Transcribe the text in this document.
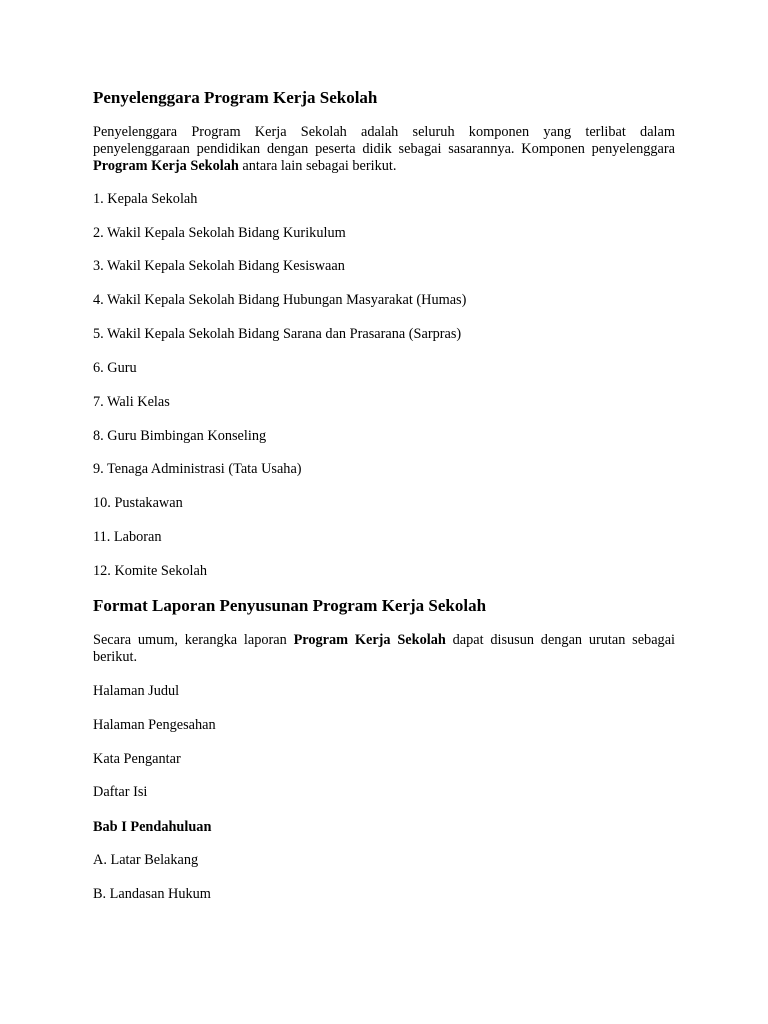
Penyelenggara Program Kerja Sekolah

Penyelenggara Program Kerja Sekolah adalah seluruh komponen yang terlibat dalam penyelenggaraan pendidikan dengan peserta didik sebagai sasarannya. Komponen penyelenggara Program Kerja Sekolah antara lain sebagai berikut.

1. Kepala Sekolah

2. Wakil Kepala Sekolah Bidang Kurikulum

3. Wakil Kepala Sekolah Bidang Kesiswaan

4. Wakil Kepala Sekolah Bidang Hubungan Masyarakat (Humas)

5. Wakil Kepala Sekolah Bidang Sarana dan Prasarana (Sarpras)

6. Guru

7. Wali Kelas

8. Guru Bimbingan Konseling

9. Tenaga Administrasi (Tata Usaha)

10. Pustakawan

11. Laboran

12. Komite Sekolah

Format Laporan Penyusunan Program Kerja Sekolah

Secara umum, kerangka laporan Program Kerja Sekolah dapat disusun dengan urutan sebagai berikut.

Halaman Judul

Halaman Pengesahan

Kata Pengantar

Daftar Isi

Bab I Pendahuluan

A. Latar Belakang

B. Landasan Hukum
